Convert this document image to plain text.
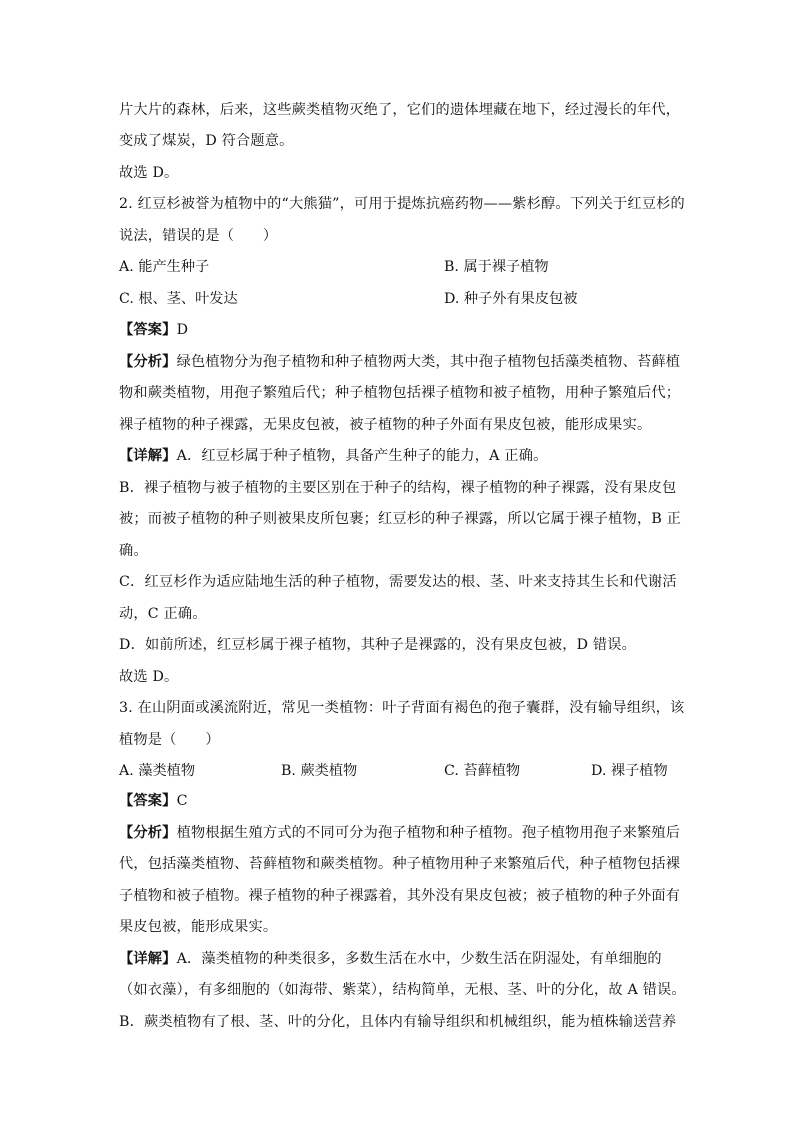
片大片的森林，后来，这些蕨类植物灭绝了，它们的遗体埋藏在地下，经过漫长的年代，
变成了煤炭，D 符合题意。
故选 D。
2. 红豆杉被誉为植物中的“大熊猫”，可用于提炼抗癌药物——紫杉醇。下列关于红豆杉的
说法，错误的是（　　）
A. 能产生种子	B. 属于裸子植物
C. 根、茎、叶发达	D. 种子外有果皮包被
【答案】D
【分析】绿色植物分为孢子植物和种子植物两大类，其中孢子植物包括藻类植物、苔藓植
物和蕨类植物，用孢子繁殖后代；种子植物包括裸子植物和被子植物，用种子繁殖后代；
裸子植物的种子裸露，无果皮包被，被子植物的种子外面有果皮包被，能形成果实。
【详解】A．红豆杉属于种子植物，具备产生种子的能力，A 正确。
B．裸子植物与被子植物的主要区别在于种子的结构，裸子植物的种子裸露，没有果皮包
被；而被子植物的种子则被果皮所包裹；红豆杉的种子裸露，所以它属于裸子植物，B 正
确。
C．红豆杉作为适应陆地生活的种子植物，需要发达的根、茎、叶来支持其生长和代谢活
动，C 正确。
D．如前所述，红豆杉属于裸子植物，其种子是裸露的，没有果皮包被，D 错误。
故选 D。
3. 在山阴面或溪流附近，常见一类植物：叶子背面有褐色的孢子囊群，没有输导组织，该
植物是（　　）
A. 藻类植物	B. 蕨类植物	C. 苔藓植物	D. 裸子植物
【答案】C
【分析】植物根据生殖方式的不同可分为孢子植物和种子植物。孢子植物用孢子来繁殖后
代，包括藻类植物、苔藓植物和蕨类植物。种子植物用种子来繁殖后代，种子植物包括裸
子植物和被子植物。裸子植物的种子裸露着，其外没有果皮包被；被子植物的种子外面有
果皮包被，能形成果实。
【详解】A．藻类植物的种类很多，多数生活在水中，少数生活在阴湿处，有单细胞的
（如衣藻），有多细胞的（如海带、紫菜），结构简单，无根、茎、叶的分化，故 A 错误。
B．蕨类植物有了根、茎、叶的分化，且体内有输导组织和机械组织，能为植株输送营养
